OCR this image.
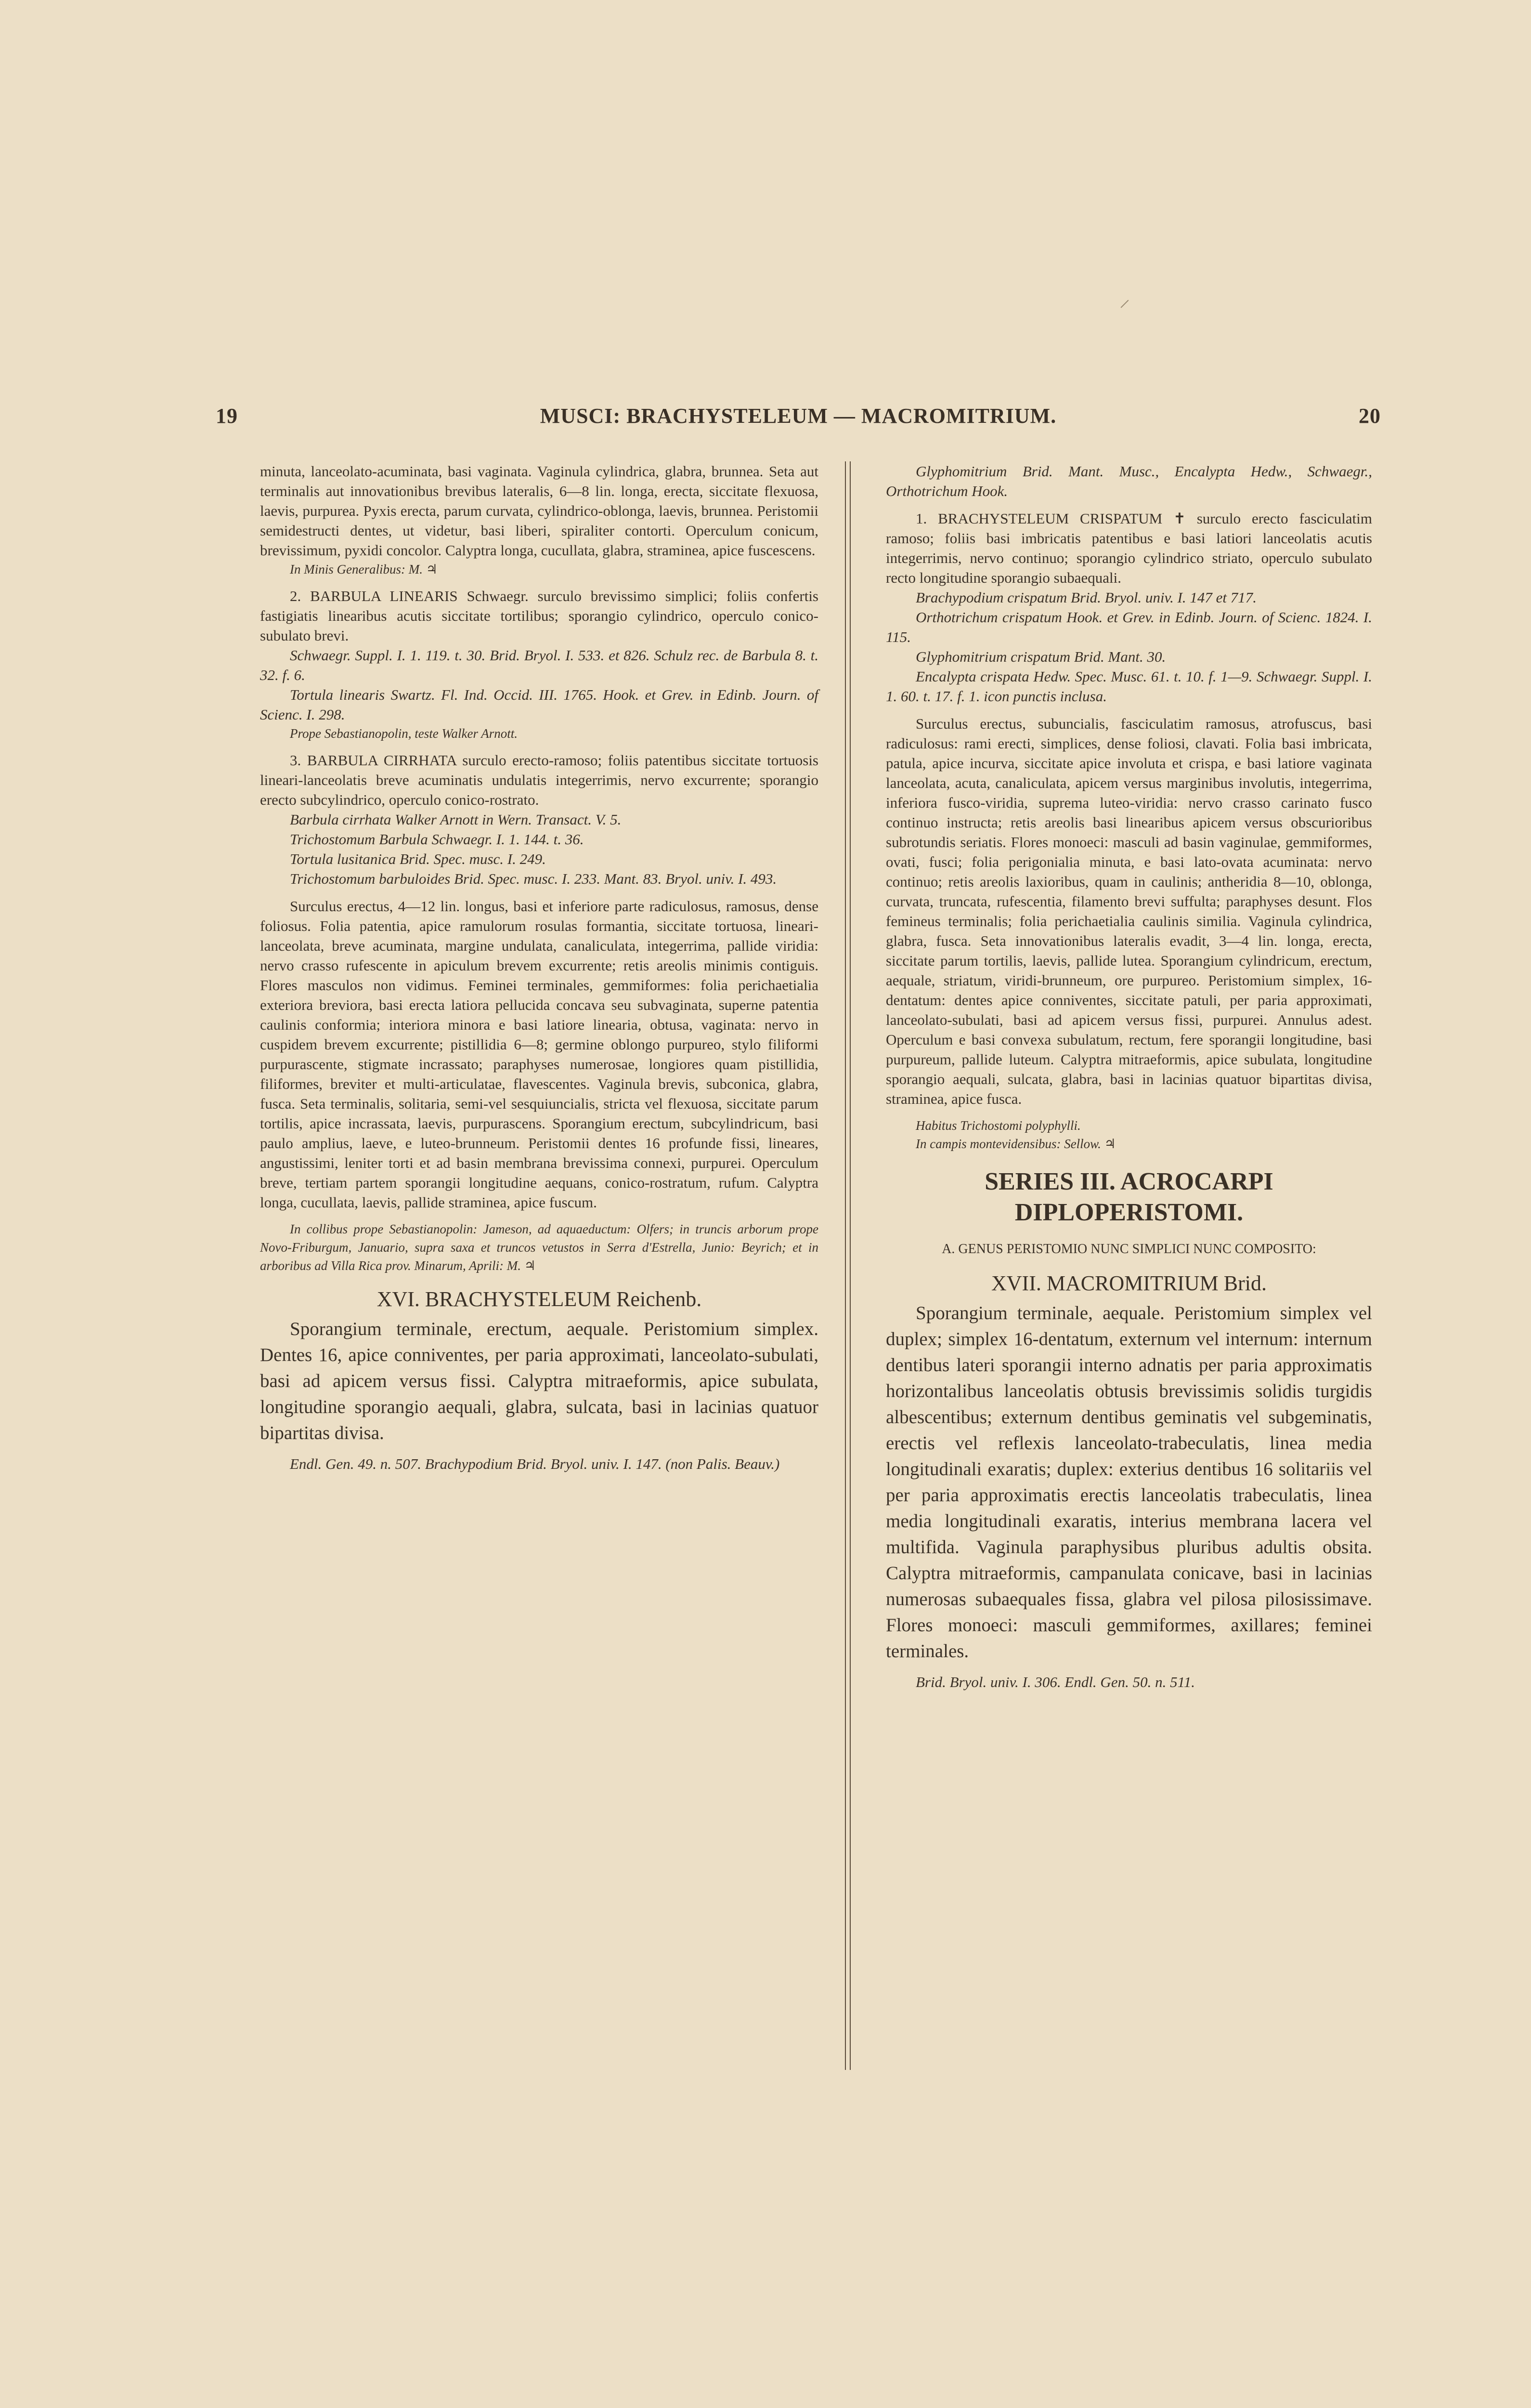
19	MUSCI: BRACHYSTELEUM — MACROMITRIUM.	20

minuta, lanceolato-acuminata, basi vaginata. Vaginula cylindrica, glabra, brunnea. Seta aut terminalis aut innovationibus brevibus lateralis, 6—8 lin. longa, erecta, siccitate flexuosa, laevis, purpurea. Pyxis erecta, parum curvata, cylindrico-oblonga, laevis, brunnea. Peristomii semidestructi dentes, ut videtur, basi liberi, spiraliter contorti. Operculum conicum, brevissimum, pyxidi concolor. Calyptra longa, cucullata, glabra, straminea, apice fuscescens.

In Minis Generalibus: M. ♃

2. BARBULA LINEARIS Schwaegr. surculo brevissimo simplici; foliis confertis fastigiatis linearibus acutis siccitate tortilibus; sporangio cylindrico, operculo conico-subulato brevi.

Schwaegr. Suppl. I. 1. 119. t. 30. Brid. Bryol. I. 533. et 826. Schulz rec. de Barbula 8. t. 32. f. 6.

Tortula linearis Swartz. Fl. Ind. Occid. III. 1765. Hook. et Grev. in Edinb. Journ. of Scienc. I. 298.

Prope Sebastianopolin, teste Walker Arnott.

3. BARBULA CIRRHATA surculo erecto-ramoso; foliis patentibus siccitate tortuosis lineari-lanceolatis breve acuminatis undulatis integerrimis, nervo excurrente; sporangio erecto subcylindrico, operculo conico-rostrato.

Barbula cirrhata Walker Arnott in Wern. Transact. V. 5.

Trichostomum Barbula Schwaegr. I. 1. 144. t. 36.

Tortula lusitanica Brid. Spec. musc. I. 249.

Trichostomum barbuloides Brid. Spec. musc. I. 233. Mant. 83. Bryol. univ. I. 493.

Surculus erectus, 4—12 lin. longus, basi et inferiore parte radiculosus, ramosus, dense foliosus. Folia patentia, apice ramulorum rosulas formantia, siccitate tortuosa, lineari-lanceolata, breve acuminata, margine undulata, canaliculata, integerrima, pallide viridia: nervo crasso rufescente in apiculum brevem excurrente; retis areolis minimis contiguis. Flores masculos non vidimus. Feminei terminales, gemmiformes: folia perichaetialia exteriora breviora, basi erecta latiora pellucida concava seu subvaginata, superne patentia caulinis conformia; interiora minora e basi latiore linearia, obtusa, vaginata: nervo in cuspidem brevem excurrente; pistillidia 6—8; germine oblongo purpureo, stylo filiformi purpurascente, stigmate incrassato; paraphyses numerosae, longiores quam pistillidia, filiformes, breviter et multi-articulatae, flavescentes. Vaginula brevis, subconica, glabra, fusca. Seta terminalis, solitaria, semi-vel sesquiuncialis, stricta vel flexuosa, siccitate parum tortilis, apice incrassata, laevis, purpurascens. Sporangium erectum, subcylindricum, basi paulo amplius, laeve, e luteo-brunneum. Peristomii dentes 16 profunde fissi, lineares, angustissimi, leniter torti et ad basin membrana brevissima connexi, purpurei. Operculum breve, tertiam partem sporangii longitudine aequans, conico-rostratum, rufum. Calyptra longa, cucullata, laevis, pallide straminea, apice fuscum.

In collibus prope Sebastianopolin: Jameson, ad aquaeductum: Olfers; in truncis arborum prope Novo-Friburgum, Januario, supra saxa et truncos vetustos in Serra d'Estrella, Junio: Beyrich; et in arboribus ad Villa Rica prov. Minarum, Aprili: M. ♃

XVI. BRACHYSTELEUM Reichenb.

Sporangium terminale, erectum, aequale. Peristomium simplex. Dentes 16, apice conniventes, per paria approximati, lanceolato-subulati, basi ad apicem versus fissi. Calyptra mitraeformis, apice subulata, longitudine sporangio aequali, glabra, sulcata, basi in lacinias quatuor bipartitas divisa.

Endl. Gen. 49. n. 507. Brachypodium Brid. Bryol. univ. I. 147. (non Palis. Beauv.)

Glyphomitrium Brid. Mant. Musc., Encalypta Hedw., Schwaegr., Orthotrichum Hook.

1. BRACHYSTELEUM CRISPATUM ✝ surculo erecto fasciculatim ramoso; foliis basi imbricatis patentibus e basi latiori lanceolatis acutis integerrimis, nervo continuo; sporangio cylindrico striato, operculo subulato recto longitudine sporangio subaequali.

Brachypodium crispatum Brid. Bryol. univ. I. 147 et 717.

Orthotrichum crispatum Hook. et Grev. in Edinb. Journ. of Scienc. 1824. I. 115.

Glyphomitrium crispatum Brid. Mant. 30.

Encalypta crispata Hedw. Spec. Musc. 61. t. 10. f. 1—9. Schwaegr. Suppl. I. 1. 60. t. 17. f. 1. icon punctis inclusa.

Surculus erectus, subuncialis, fasciculatim ramosus, atrofuscus, basi radiculosus: rami erecti, simplices, dense foliosi, clavati. Folia basi imbricata, patula, apice incurva, siccitate apice involuta et crispa, e basi latiore vaginata lanceolata, acuta, canaliculata, apicem versus marginibus involutis, integerrima, inferiora fusco-viridia, suprema luteo-viridia: nervo crasso carinato fusco continuo instructa; retis areolis basi linearibus apicem versus obscurioribus subrotundis seriatis. Flores monoeci: masculi ad basin vaginulae, gemmiformes, ovati, fusci; folia perigonialia minuta, e basi lato-ovata acuminata: nervo continuo; retis areolis laxioribus, quam in caulinis; antheridia 8—10, oblonga, curvata, truncata, rufescentia, filamento brevi suffulta; paraphyses desunt. Flos femineus terminalis; folia perichaetialia caulinis similia. Vaginula cylindrica, glabra, fusca. Seta innovationibus lateralis evadit, 3—4 lin. longa, erecta, siccitate parum tortilis, laevis, pallide lutea. Sporangium cylindricum, erectum, aequale, striatum, viridi-brunneum, ore purpureo. Peristomium simplex, 16-dentatum: dentes apice conniventes, siccitate patuli, per paria approximati, lanceolato-subulati, basi ad apicem versus fissi, purpurei. Annulus adest. Operculum e basi convexa subulatum, rectum, fere sporangii longitudine, basi purpureum, pallide luteum. Calyptra mitraeformis, apice subulata, longitudine sporangio aequali, sulcata, glabra, basi in lacinias quatuor bipartitas divisa, straminea, apice fusca.

Habitus Trichostomi polyphylli.

In campis montevidensibus: Sellow. ♃

SERIES III. ACROCARPI DIPLOPERISTOMI.

A. GENUS PERISTOMIO NUNC SIMPLICI NUNC COMPOSITO:

XVII. MACROMITRIUM Brid.

Sporangium terminale, aequale. Peristomium simplex vel duplex; simplex 16-dentatum, externum vel internum: internum dentibus lateri sporangii interno adnatis per paria approximatis horizontalibus lanceolatis obtusis brevissimis solidis turgidis albescentibus; externum dentibus geminatis vel subgeminatis, erectis vel reflexis lanceolato-trabeculatis, linea media longitudinali exaratis; duplex: exterius dentibus 16 solitariis vel per paria approximatis erectis lanceolatis trabeculatis, linea media longitudinali exaratis, interius membrana lacera vel multifida. Vaginula paraphysibus pluribus adultis obsita. Calyptra mitraeformis, campanulata conicave, basi in lacinias numerosas subaequales fissa, glabra vel pilosa pilosissimave. Flores monoeci: masculi gemmiformes, axillares; feminei terminales.

Brid. Bryol. univ. I. 306. Endl. Gen. 50. n. 511.
